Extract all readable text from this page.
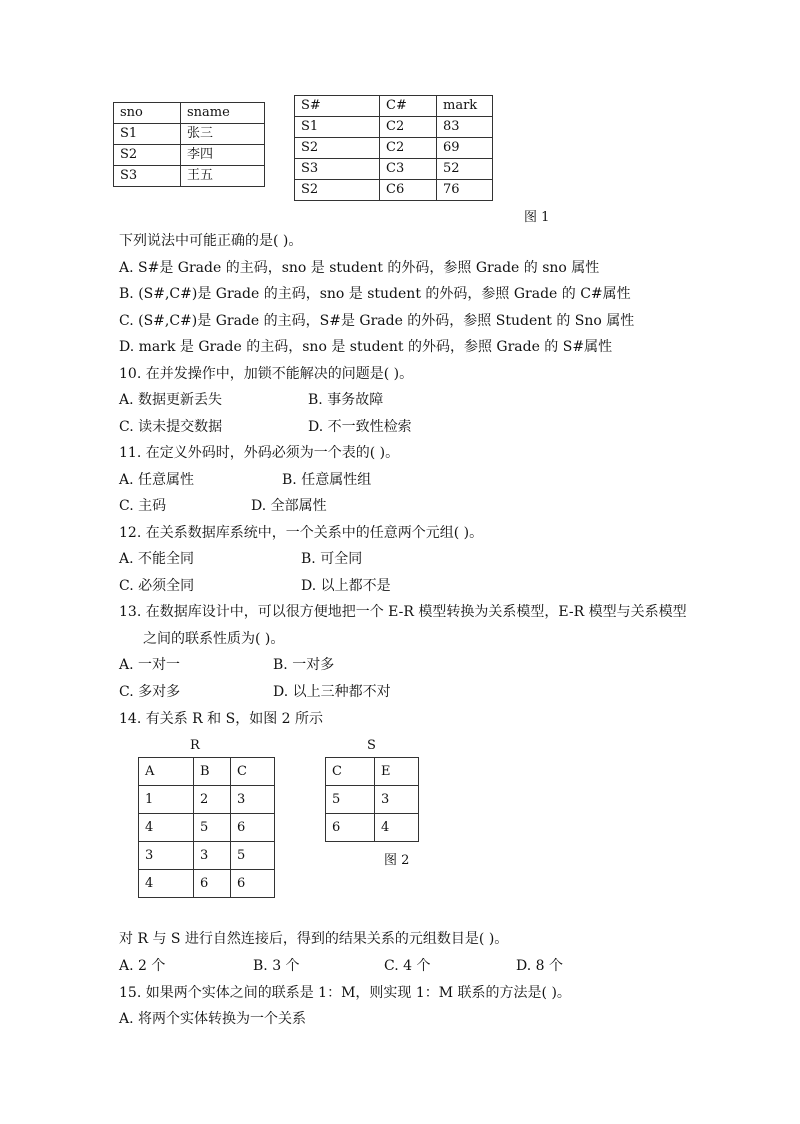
sno	sname
S1	张三
S2	李四
S3	王五
S#	C#	mark
S1	C2	83
S2	C2	69
S3	C3	52
S2	C6	76
图 1
下列说法中可能正确的是( )。
A. S#是 Grade 的主码，sno 是 student 的外码，参照 Grade 的 sno 属性
B. (S#,C#)是 Grade 的主码，sno 是 student 的外码，参照 Grade 的 C#属性
C. (S#,C#)是 Grade 的主码，S#是 Grade 的外码，参照 Student 的 Sno 属性
D. mark 是 Grade 的主码，sno 是 student 的外码，参照 Grade 的 S#属性
10. 在并发操作中，加锁不能解决的问题是( )。
A. 数据更新丢失	B. 事务故障
C. 读未提交数据	D. 不一致性检索
11. 在定义外码时，外码必须为一个表的( )。
A. 任意属性	B. 任意属性组
C. 主码	D. 全部属性
12. 在关系数据库系统中，一个关系中的任意两个元组( )。
A. 不能全同	B. 可全同
C. 必须全同	D. 以上都不是
13. 在数据库设计中，可以很方便地把一个 E-R 模型转换为关系模型，E-R 模型与关系模型
之间的联系性质为( )。
A. 一对一	B. 一对多
C. 多对多	D. 以上三种都不对
14. 有关系 R 和 S，如图 2 所示
R	S
A	B	C
1	2	3
4	5	6
3	3	5
4	6	6
C	E
5	3
6	4
图 2
对 R 与 S 进行自然连接后，得到的结果关系的元组数目是( )。
A. 2 个	B. 3 个	C. 4 个	D. 8 个
15. 如果两个实体之间的联系是 1：M，则实现 1：M 联系的方法是( )。
A. 将两个实体转换为一个关系
